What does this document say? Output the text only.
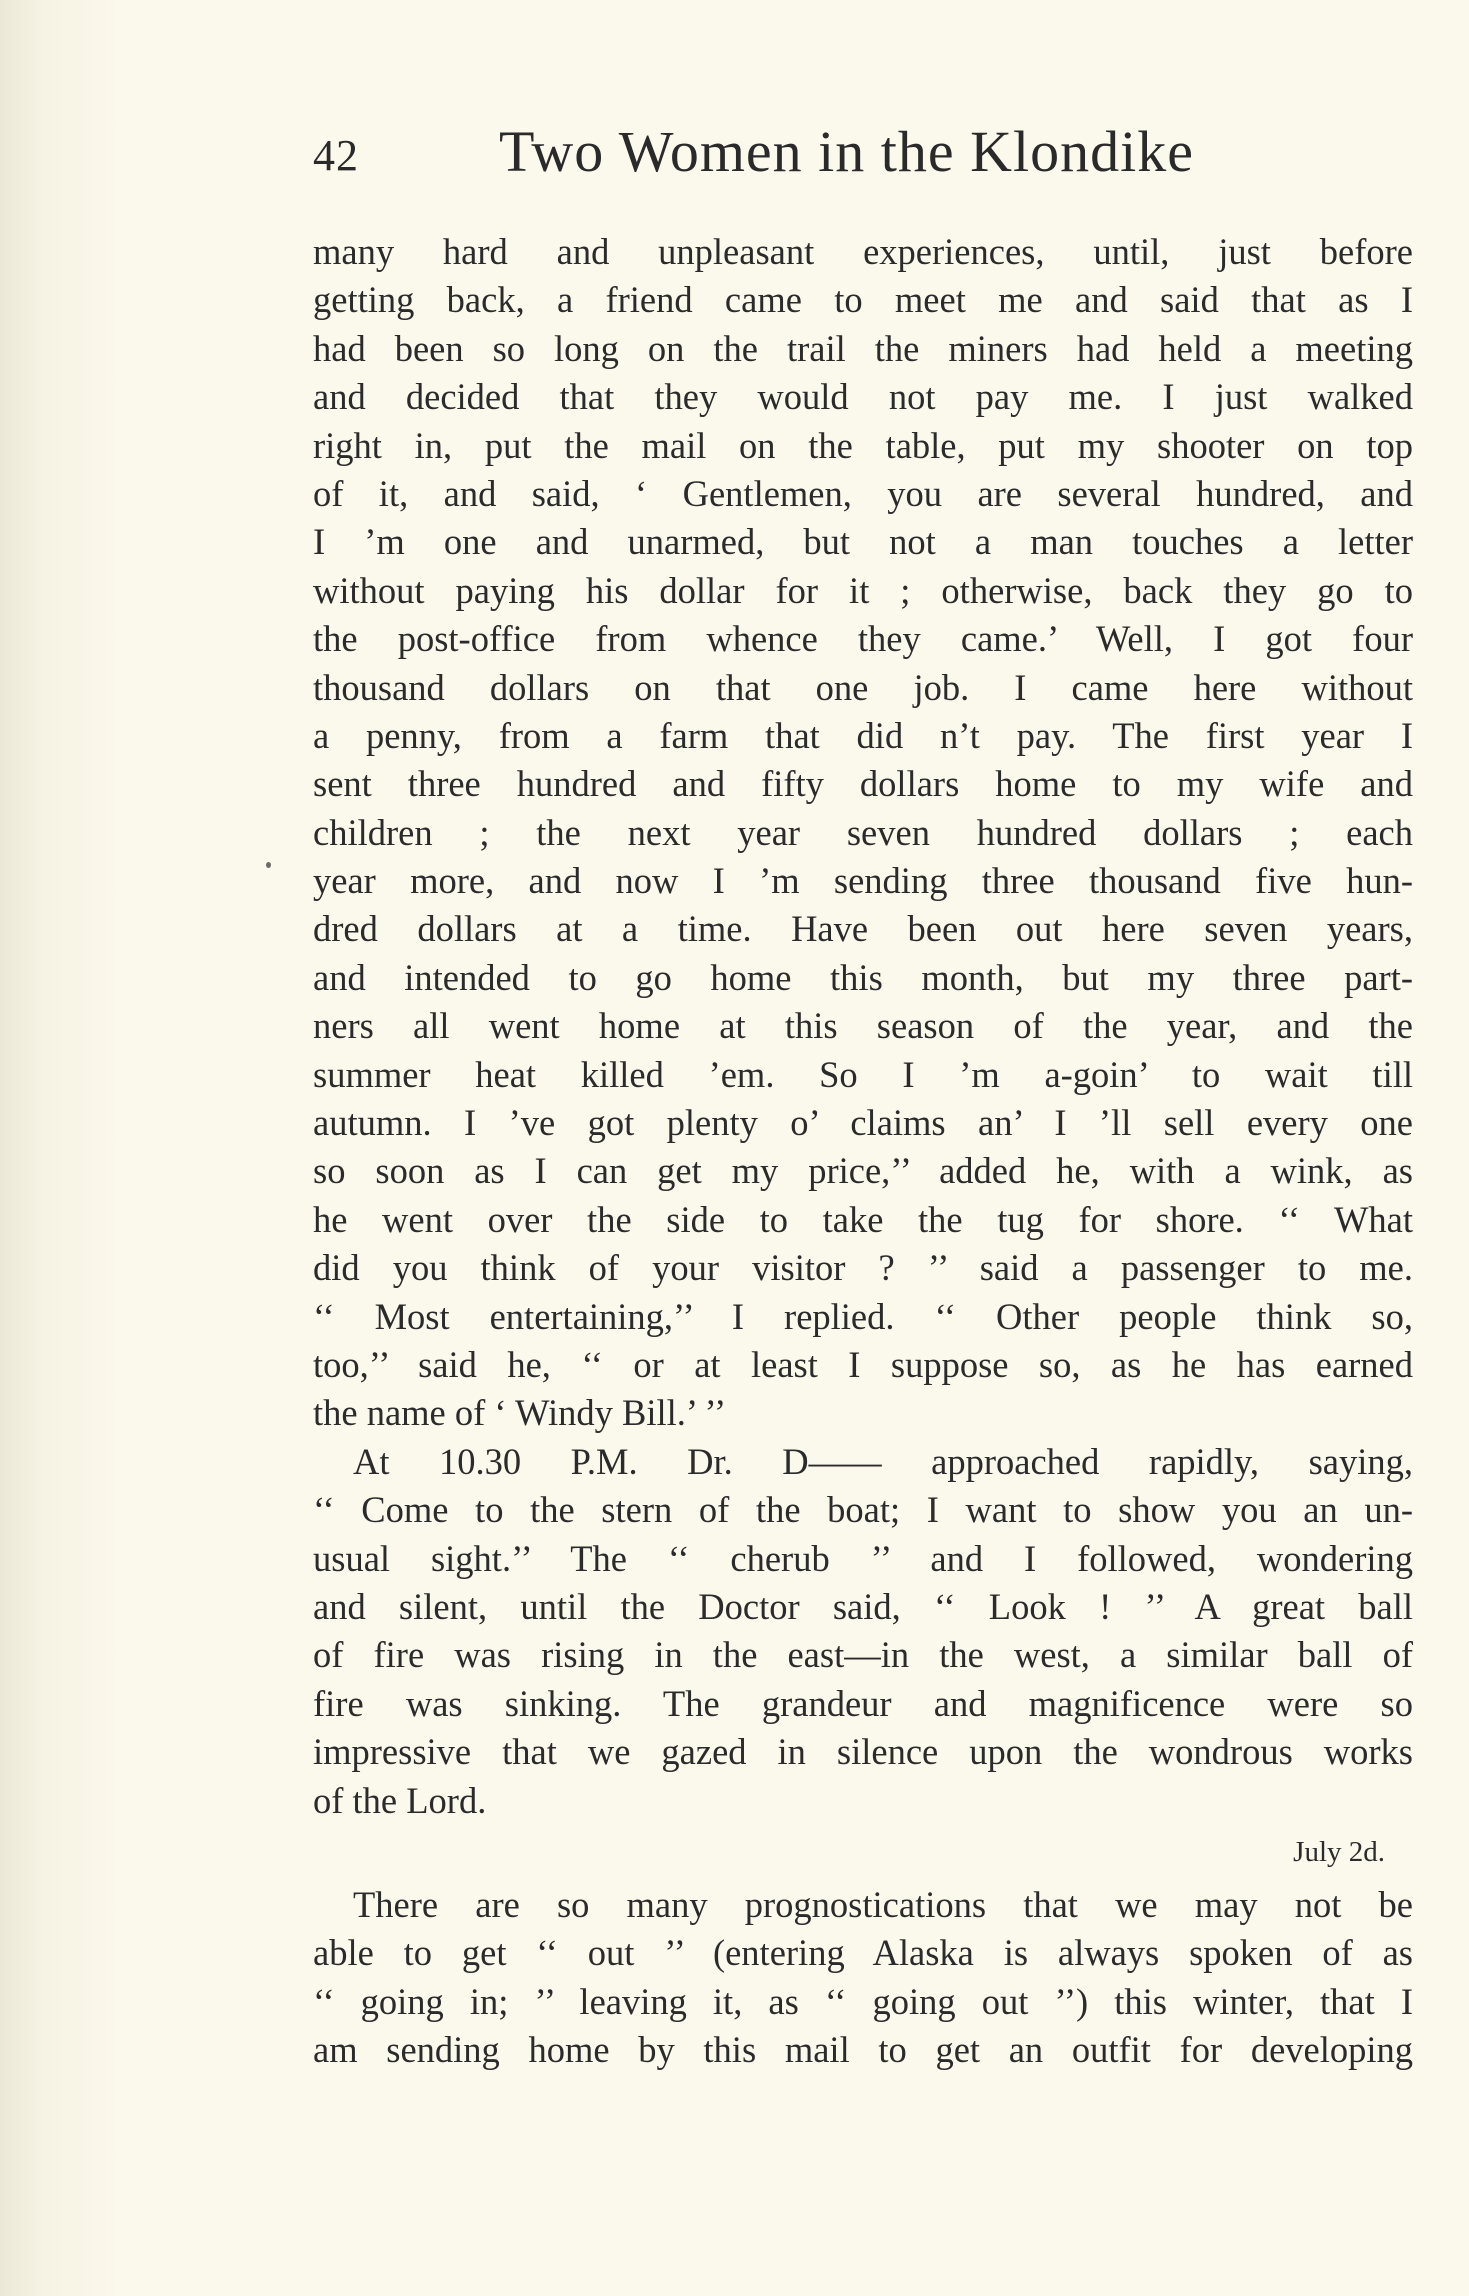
42 Two Women in the Klondike
many hard and unpleasant experiences, until, just before
getting back, a friend came to meet me and said that as I
had been so long on the trail the miners had held a meeting
and decided that they would not pay me. I just walked
right in, put the mail on the table, put my shooter on top
of it, and said, ‘ Gentlemen, you are several hundred, and
I ’m one and unarmed, but not a man touches a letter
without paying his dollar for it ; otherwise, back they go to
the post-office from whence they came.’ Well, I got four
thousand dollars on that one job. I came here without
a penny, from a farm that did n’t pay. The first year I
sent three hundred and fifty dollars home to my wife and
children ; the next year seven hundred dollars ; each
year more, and now I ’m sending three thousand five hun-
dred dollars at a time. Have been out here seven years,
and intended to go home this month, but my three part-
ners all went home at this season of the year, and the
summer heat killed ’em. So I ’m a-goin’ to wait till
autumn. I ’ve got plenty o’ claims an’ I ’ll sell every one
so soon as I can get my price,’’ added he, with a wink, as
he went over the side to take the tug for shore. ‘‘ What
did you think of your visitor ? ’’ said a passenger to me.
‘‘ Most entertaining,’’ I replied. ‘‘ Other people think so,
too,’’ said he, ‘‘ or at least I suppose so, as he has earned
the name of ‘ Windy Bill.’ ’’
At 10.30 P.M. Dr. D—— approached rapidly, saying,
‘‘ Come to the stern of the boat; I want to show you an un-
usual sight.’’ The ‘‘ cherub ’’ and I followed, wondering
and silent, until the Doctor said, ‘‘ Look ! ’’ A great ball
of fire was rising in the east—in the west, a similar ball of
fire was sinking. The grandeur and magnificence were so
impressive that we gazed in silence upon the wondrous works
of the Lord.
July 2d.
There are so many prognostications that we may not be
able to get ‘‘ out ’’ (entering Alaska is always spoken of as
‘‘ going in; ’’ leaving it, as ‘‘ going out ’’) this winter, that I
am sending home by this mail to get an outfit for developing
